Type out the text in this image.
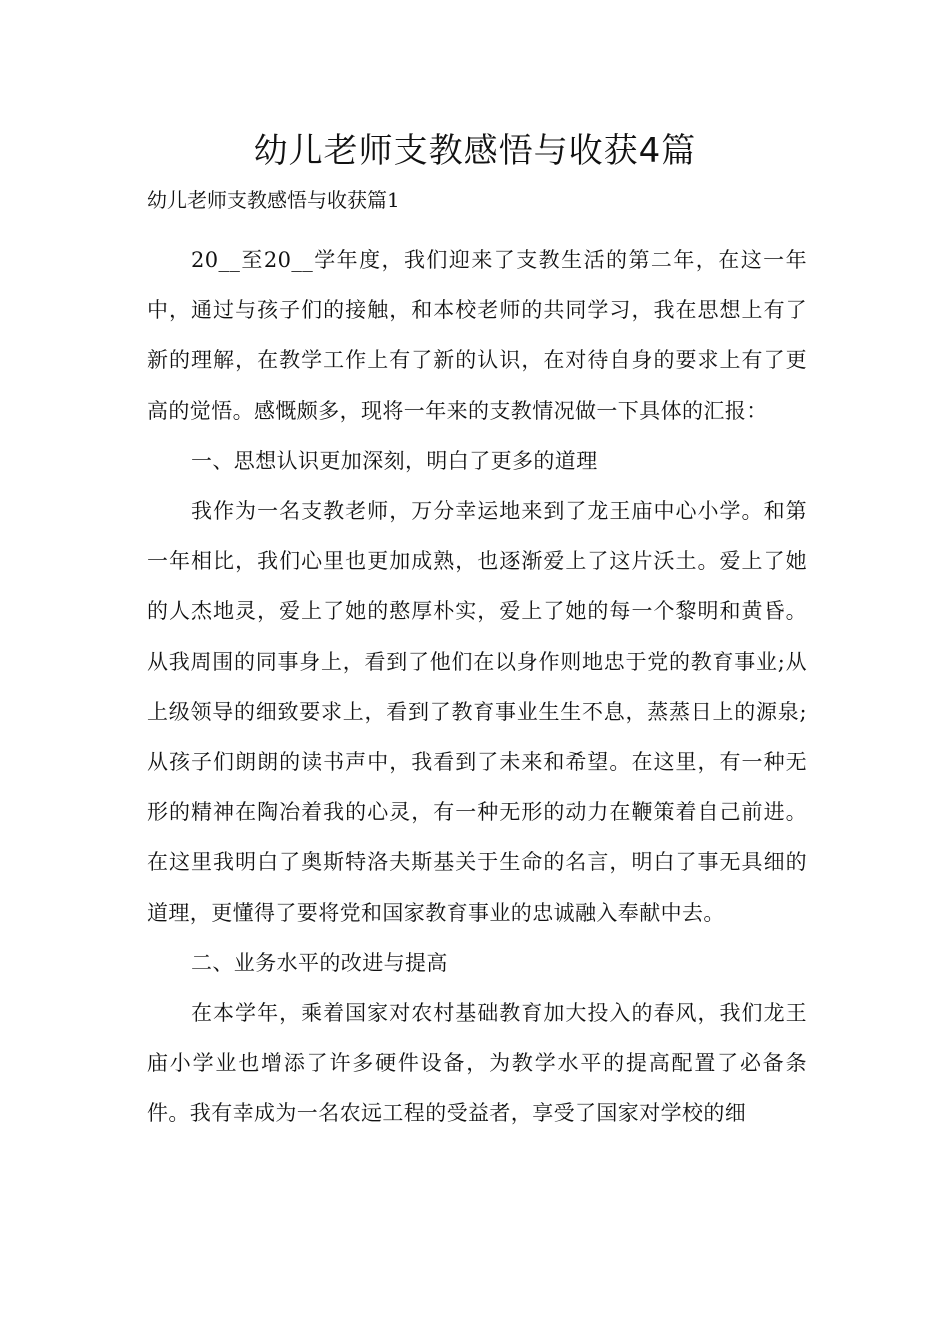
幼儿老师支教感悟与收获4篇

幼儿老师支教感悟与收获篇1

20__至20__学年度，我们迎来了支教生活的第二年，在这一年中，通过与孩子们的接触，和本校老师的共同学习，我在思想上有了新的理解，在教学工作上有了新的认识，在对待自身的要求上有了更高的觉悟。感慨颇多，现将一年来的支教情况做一下具体的汇报：

一、思想认识更加深刻，明白了更多的道理

我作为一名支教老师，万分幸运地来到了龙王庙中心小学。和第一年相比，我们心里也更加成熟，也逐渐爱上了这片沃土。爱上了她的人杰地灵，爱上了她的憨厚朴实，爱上了她的每一个黎明和黄昏。从我周围的同事身上，看到了他们在以身作则地忠于党的教育事业;从上级领导的细致要求上，看到了教育事业生生不息，蒸蒸日上的源泉;从孩子们朗朗的读书声中，我看到了未来和希望。在这里，有一种无形的精神在陶冶着我的心灵，有一种无形的动力在鞭策着自己前进。在这里我明白了奥斯特洛夫斯基关于生命的名言，明白了事无具细的道理，更懂得了要将党和国家教育事业的忠诚融入奉献中去。

二、业务水平的改进与提高

在本学年，乘着国家对农村基础教育加大投入的春风，我们龙王庙小学业也增添了许多硬件设备，为教学水平的提高配置了必备条件。我有幸成为一名农远工程的受益者，享受了国家对学校的细
